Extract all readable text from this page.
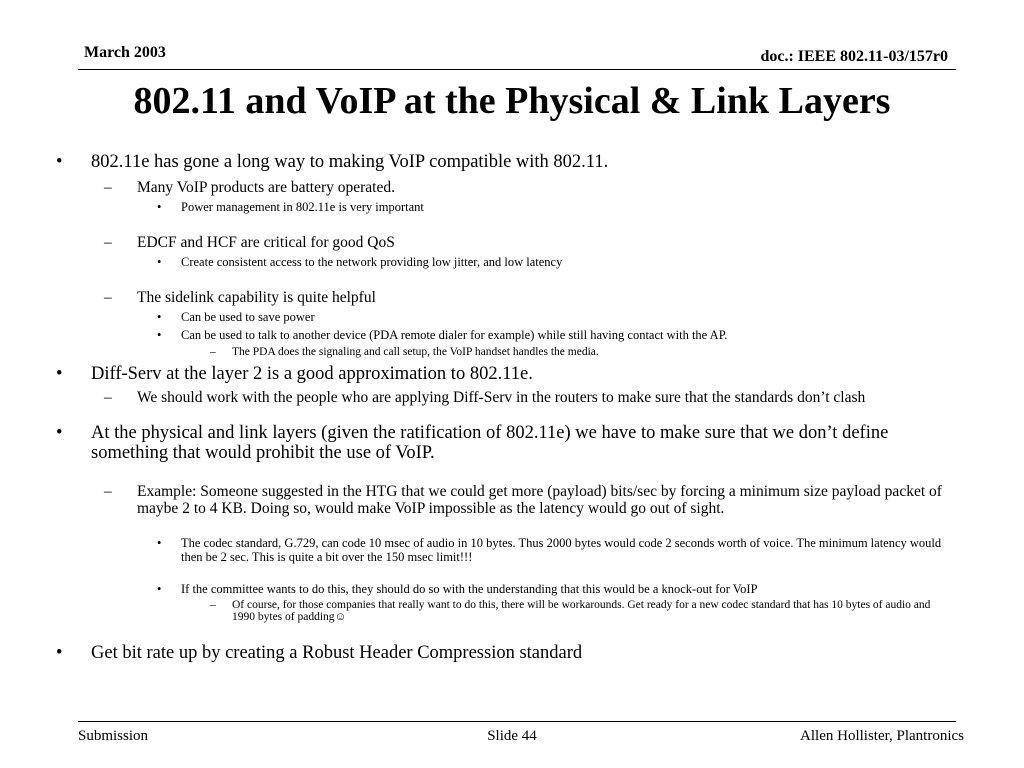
March 2003	doc.: IEEE 802.11-03/157r0
802.11 and VoIP at the Physical & Link Layers
• 802.11e has gone a long way to making VoIP compatible with 802.11.
– Many VoIP products are battery operated.
• Power management in 802.11e is very important
– EDCF and HCF are critical for good QoS
• Create consistent access to the network providing low jitter, and low latency
– The sidelink capability is quite helpful
• Can be used to save power
• Can be used to talk to another device (PDA remote dialer for example) while still having contact with the AP.
– The PDA does the signaling and call setup, the VoIP handset handles the media.
• Diff-Serv at the layer 2 is a good approximation to 802.11e.
– We should work with the people who are applying Diff-Serv in the routers to make sure that the standards don’t clash
• At the physical and link layers (given the ratification of 802.11e) we have to make sure that we don’t define something that would prohibit the use of VoIP.
– Example: Someone suggested in the HTG that we could get more (payload) bits/sec by forcing a minimum size payload packet of maybe 2 to 4 KB. Doing so, would make VoIP impossible as the latency would go out of sight.
• The codec standard, G.729, can code 10 msec of audio in 10 bytes. Thus 2000 bytes would code 2 seconds worth of voice. The minimum latency would then be 2 sec. This is quite a bit over the 150 msec limit!!!
• If the committee wants to do this, they should do so with the understanding that this would be a knock-out for VoIP
– Of course, for those companies that really want to do this, there will be workarounds. Get ready for a new codec standard that has 10 bytes of audio and 1990 bytes of padding☺
• Get bit rate up by creating a Robust Header Compression standard
Submission	Slide 44	Allen Hollister, Plantronics
